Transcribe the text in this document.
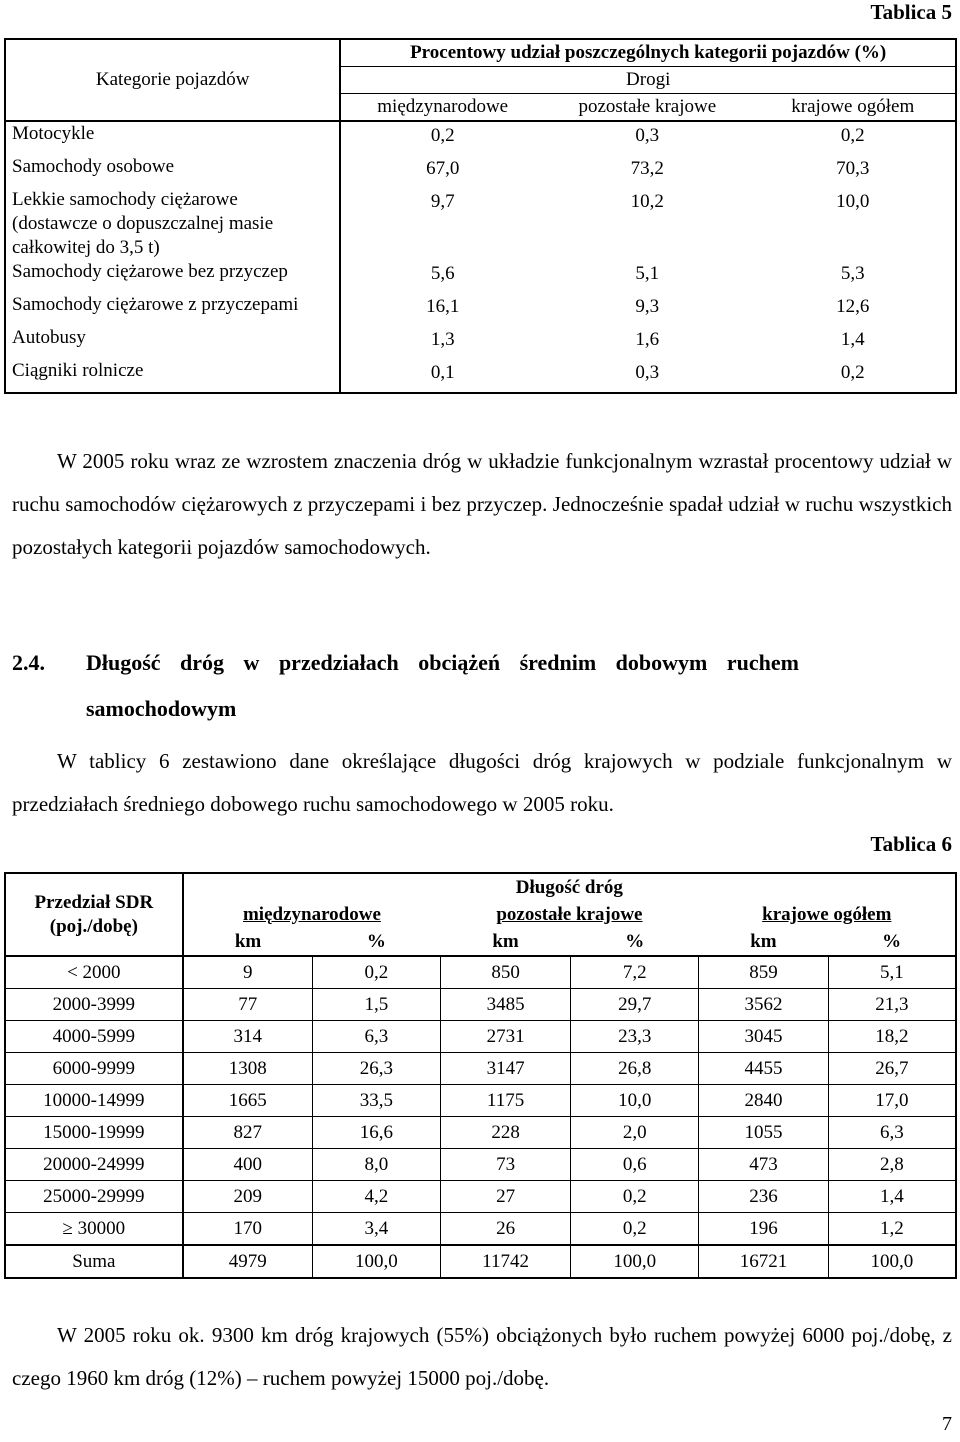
Tablica 5
Kategorie pojazdów	Procentowy udział poszczególnych kategorii pojazdów (%)		
	Drogi		
	międzynarodowe	pozostałe krajowe	krajowe ogółem
Motocykle	0,2	0,3	0,2
Samochody osobowe	67,0	73,2	70,3
Lekkie samochody ciężarowe (dostawcze o dopuszczalnej masie całkowitej do 3,5 t)	9,7	10,2	10,0
Samochody ciężarowe bez przyczep	5,6	5,1	5,3
Samochody ciężarowe z przyczepami	16,1	9,3	12,6
Autobusy	1,3	1,6	1,4
Ciągniki rolnicze	0,1	0,3	0,2

W 2005 roku wraz ze wzrostem znaczenia dróg w układzie funkcjonalnym wzrastał procentowy udział w ruchu samochodów ciężarowych z przyczepami i bez przyczep. Jednocześnie spadał udział w ruchu wszystkich pozostałych kategorii pojazdów samochodowych.

2.4. Długość dróg w przedziałach obciążeń średnim dobowym ruchem
samochodowym

W tablicy 6 zestawiono dane określające długości dróg krajowych w podziale funkcjonalnym w przedziałach średniego dobowego ruchu samochodowego w 2005 roku.

Tablica 6
Przedział SDR
(poj./dobę)	Długość dróg					
	międzynarodowe		pozostałe krajowe		krajowe ogółem	
	km	%	km	%	km	%
< 2000	9	0,2	850	7,2	859	5,1
2000-3999	77	1,5	3485	29,7	3562	21,3
4000-5999	314	6,3	2731	23,3	3045	18,2
6000-9999	1308	26,3	3147	26,8	4455	26,7
10000-14999	1665	33,5	1175	10,0	2840	17,0
15000-19999	827	16,6	228	2,0	1055	6,3
20000-24999	400	8,0	73	0,6	473	2,8
25000-29999	209	4,2	27	0,2	236	1,4
≥ 30000	170	3,4	26	0,2	196	1,2
Suma	4979	100,0	11742	100,0	16721	100,0

W 2005 roku ok. 9300 km dróg krajowych (55%) obciążonych było ruchem powyżej 6000 poj./dobę, z czego 1960 km dróg (12%) – ruchem powyżej 15000 poj./dobę.

7
